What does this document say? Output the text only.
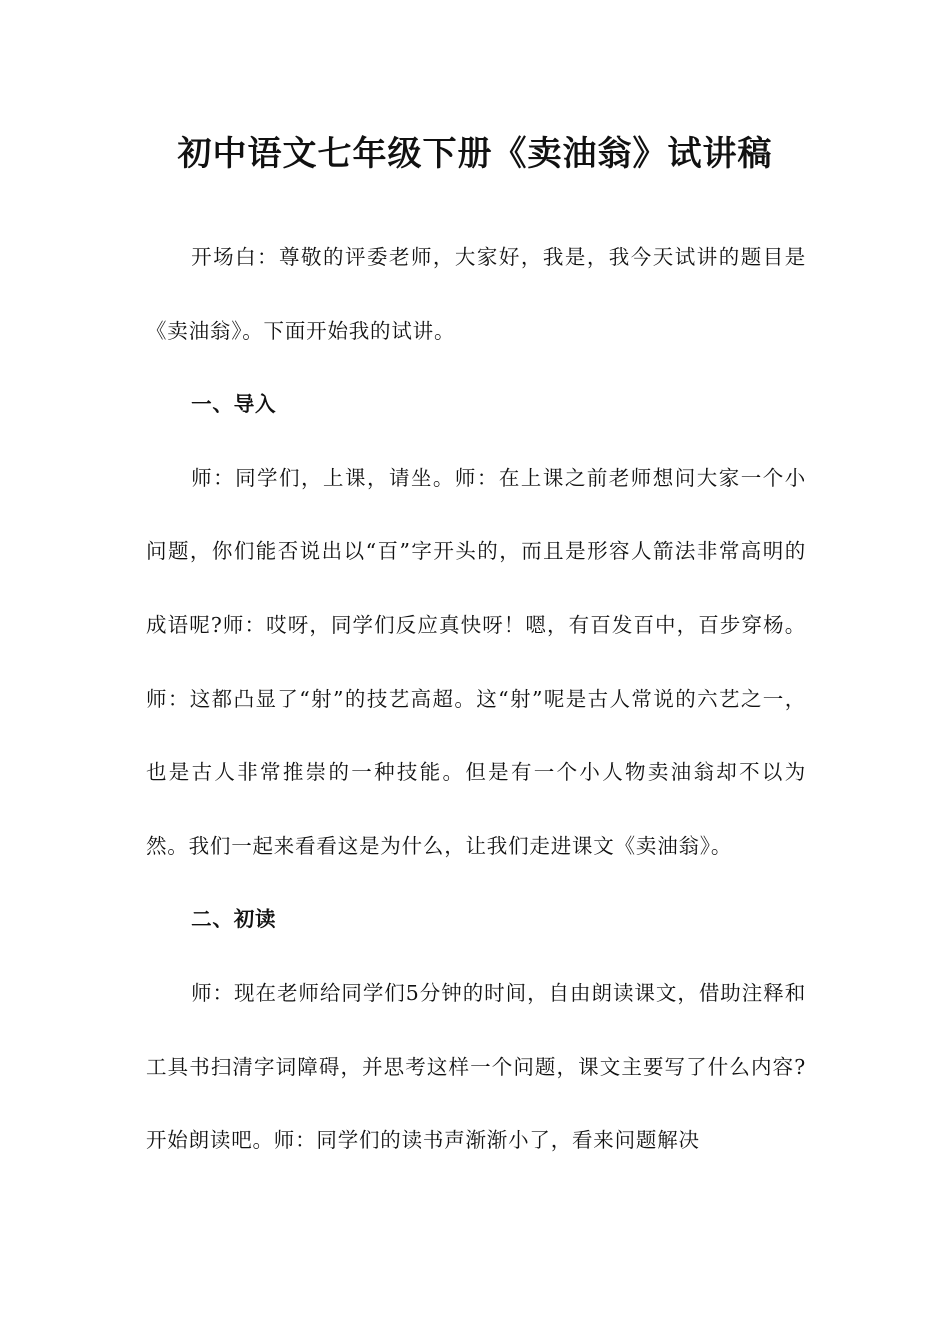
初中语文七年级下册《卖油翁》试讲稿

开场白：尊敬的评委老师，大家好，我是，我今天试讲的题目是《卖油翁》。下面开始我的试讲。

一、导入

师：同学们，上课，请坐。师：在上课之前老师想问大家一个小问题，你们能否说出以“百”字开头的，而且是形容人箭法非常高明的成语呢?师：哎呀，同学们反应真快呀！嗯，有百发百中，百步穿杨。 师：这都凸显了“射”的技艺高超。这“射”呢是古人常说的六艺之一，也是古人非常推崇的一种技能。但是有一个小人物卖油翁却不以为然。我们一起来看看这是为什么，让我们走进课文《卖油翁》。

二、初读

师：现在老师给同学们5分钟的时间，自由朗读课文，借助注释和工具书扫清字词障碍，并思考这样一个问题，课文主要写了什么内容?开始朗读吧。师：同学们的读书声渐渐小了，看来问题解决
